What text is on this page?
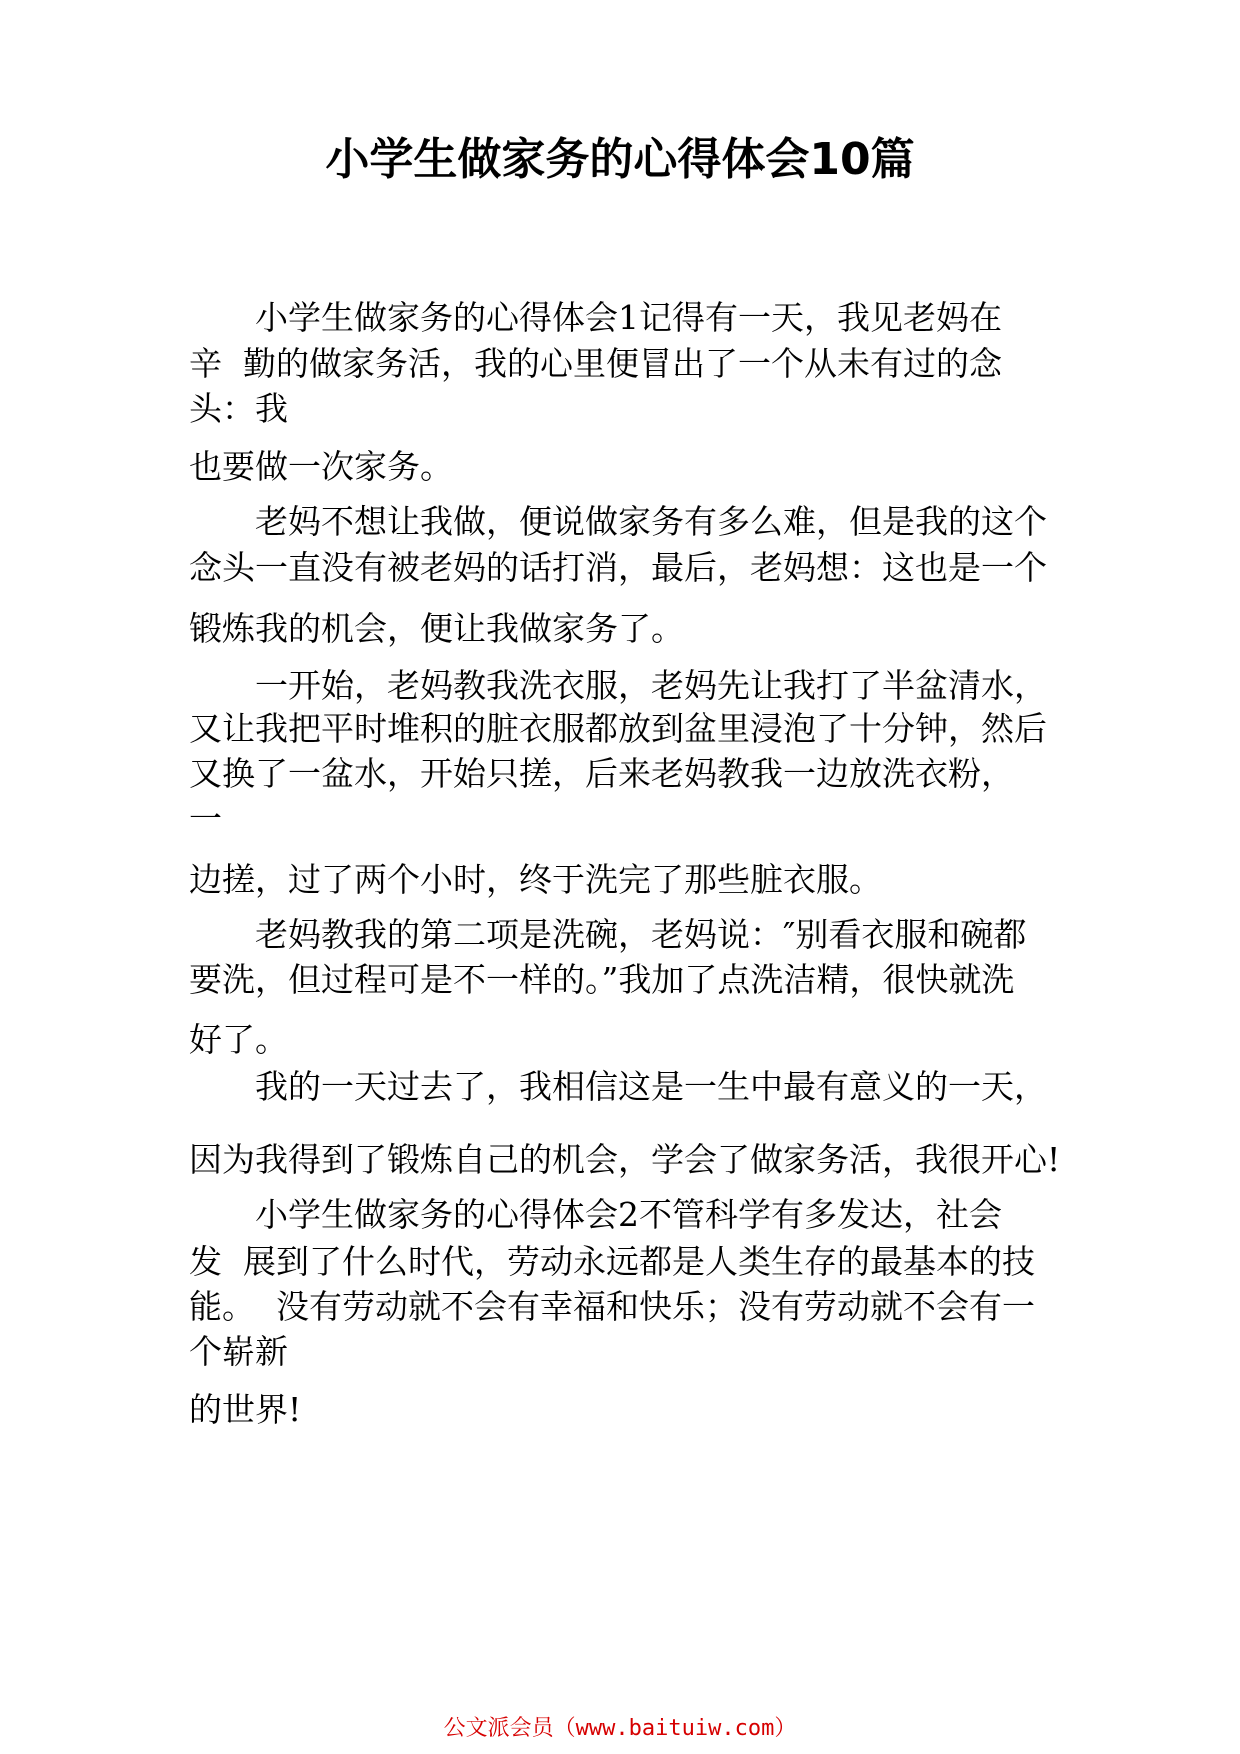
小学生做家务的心得体会10篇
小学生做家务的心得体会1记得有一天，我见老妈在
辛  勤的做家务活，我的心里便冒出了一个从未有过的念
头：我
也要做一次家务。
老妈不想让我做，便说做家务有多么难，但是我的这个
念头一直没有被老妈的话打消，最后，老妈想：这也是一个
锻炼我的机会，便让我做家务了。
一开始，老妈教我洗衣服，老妈先让我打了半盆清水，
又让我把平时堆积的脏衣服都放到盆里浸泡了十分钟，然后
又换了一盆水，开始只搓，后来老妈教我一边放洗衣粉，
一
边搓，过了两个小时，终于洗完了那些脏衣服。
老妈教我的第二项是洗碗，老妈说：″别看衣服和碗都
要洗，但过程可是不一样的。”我加了点洗洁精，很快就洗
好了。
我的一天过去了，我相信这是一生中最有意义的一天，
因为我得到了锻炼自己的机会，学会了做家务活，我很开心!
小学生做家务的心得体会2不管科学有多发达，社会
发  展到了什么时代，劳动永远都是人类生存的最基本的技
能。  没有劳动就不会有幸福和快乐；没有劳动就不会有一
个崭新
的世界!
公文派会员（www.baituiw.com）
